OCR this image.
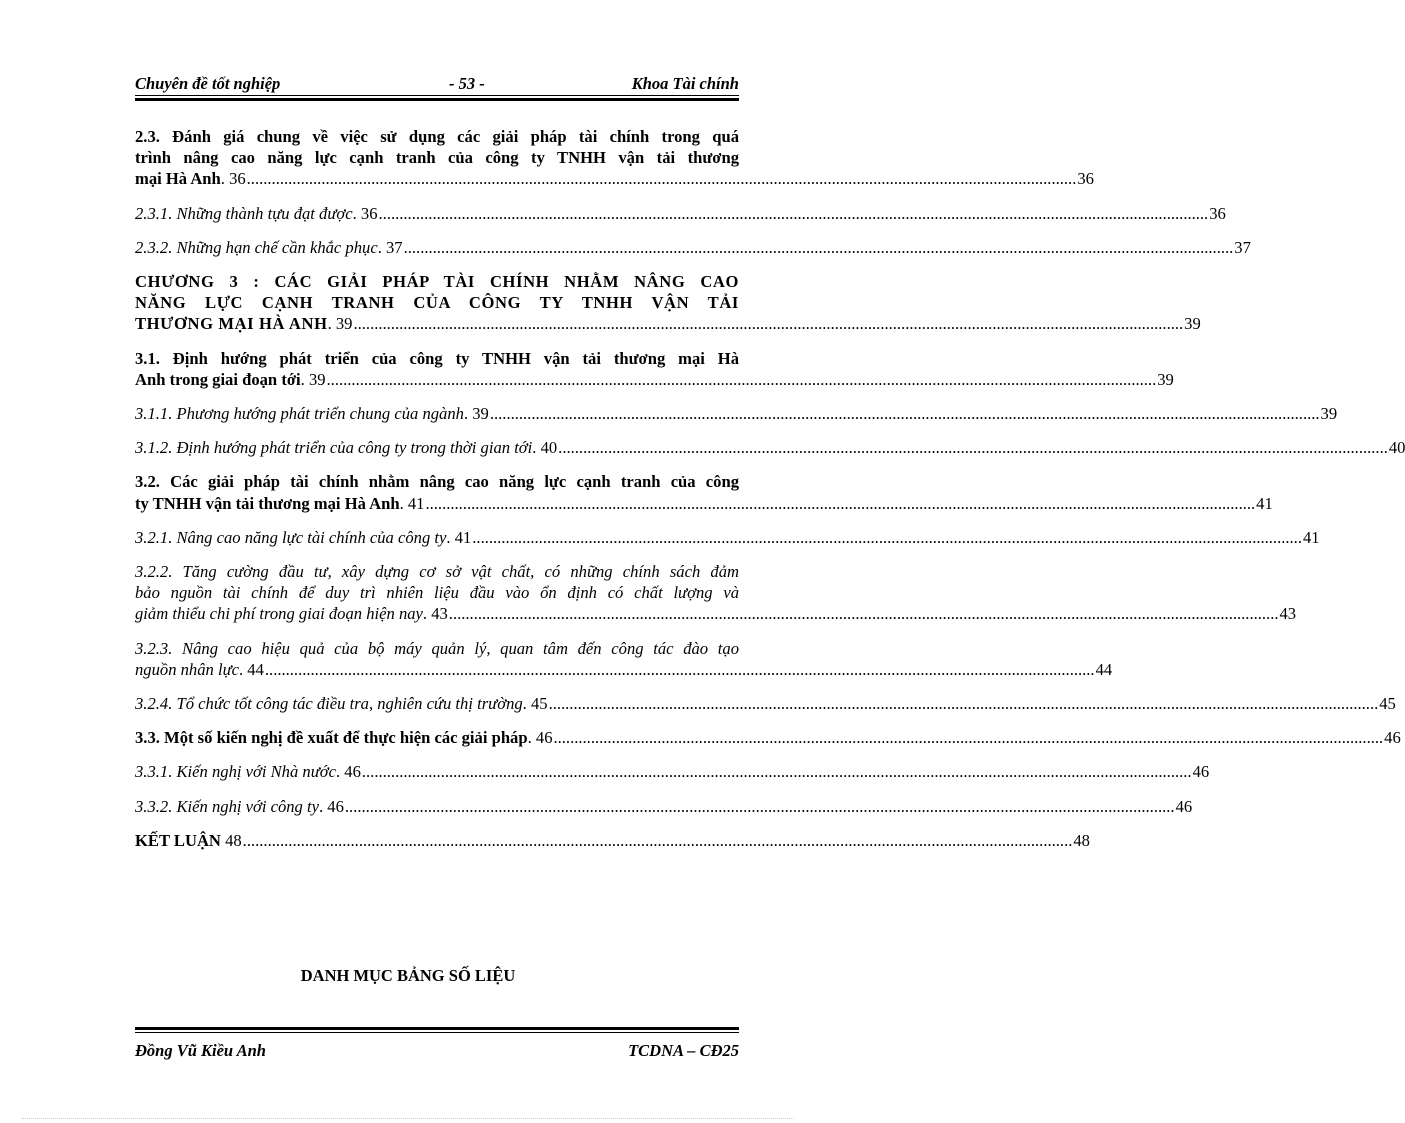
Chuyên đề tốt nghiệp	- 53 -	Khoa Tài chính
2.3. Đánh giá chung về việc sử dụng các giải pháp tài chính trong quá
trình nâng cao năng lực cạnh tranh của công ty TNHH vận tải thương
mại Hà Anh . 36 ........................................................................................................................................................................................................ 36
2.3.1. Những thành tựu đạt được . 36 ........................................................................................................................................................................................................ 36
2.3.2. Những hạn chế cần khắc phục . 37 ........................................................................................................................................................................................................ 37
CHƯƠNG 3 : CÁC GIẢI PHÁP TÀI CHÍNH NHẰM NÂNG CAO
NĂNG LỰC CẠNH TRANH CỦA CÔNG TY TNHH VẬN TẢI
THƯƠNG MẠI HÀ ANH . 39 ........................................................................................................................................................................................................ 39
3.1. Định hướng phát triển của công ty TNHH vận tải thương mại Hà
Anh trong giai đoạn tới . 39 ........................................................................................................................................................................................................ 39
3.1.1. Phương hướng phát triển chung của ngành . 39 ........................................................................................................................................................................................................ 39
3.1.2. Định hướng phát triển của công ty trong thời gian tới . 40 ........................................................................................................................................................................................................ 40
3.2. Các giải pháp tài chính nhằm nâng cao năng lực cạnh tranh của công
ty TNHH vận tải thương mại Hà Anh . 41 ........................................................................................................................................................................................................ 41
3.2.1. Nâng cao năng lực tài chính của công ty . 41 ........................................................................................................................................................................................................ 41
3.2.2. Tăng cường đầu tư, xây dựng cơ sở vật chất, có những chính sách đảm
bảo nguồn tài chính để duy trì nhiên liệu đầu vào ổn định có chất lượng và
giảm thiểu chi phí trong giai đoạn hiện nay . 43 ........................................................................................................................................................................................................ 43
3.2.3. Nâng cao hiệu quả của bộ máy quản lý, quan tâm đến công tác đào tạo
nguồn nhân lực . 44 ........................................................................................................................................................................................................ 44
3.2.4. Tổ chức tốt công tác điều tra, nghiên cứu thị trường . 45 ........................................................................................................................................................................................................ 45
3.3. Một số kiến nghị đề xuất để thực hiện các giải pháp . 46 ........................................................................................................................................................................................................ 46
3.3.1. Kiến nghị với Nhà nước . 46 ........................................................................................................................................................................................................ 46
3.3.2. Kiến nghị với công ty . 46 ........................................................................................................................................................................................................ 46
KẾT LUẬN 48 ........................................................................................................................................................................................................ 48
DANH MỤC BẢNG SỐ LIỆU
Đồng Vũ Kiều Anh	TCDNA – CĐ25
